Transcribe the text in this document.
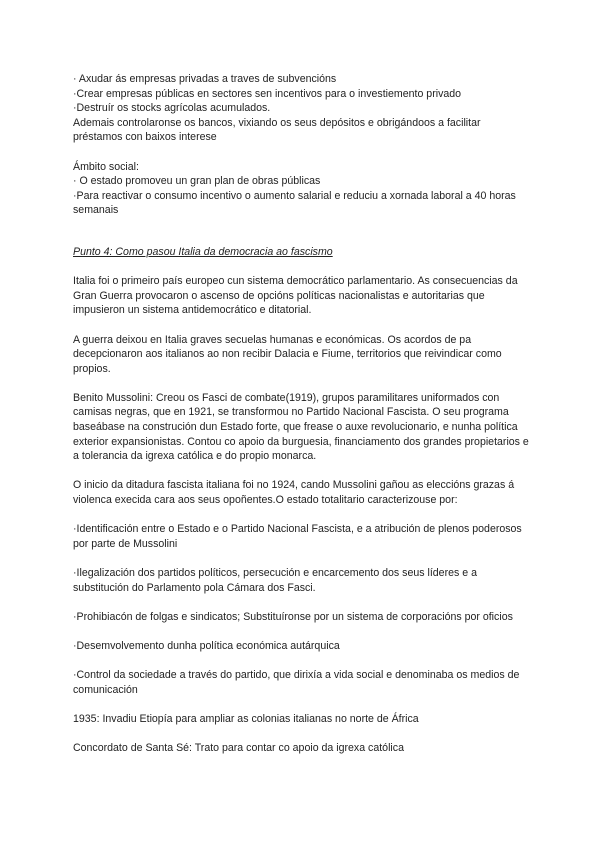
· Axudar ás empresas privadas a traves de subvencións

·Crear empresas públicas en sectores sen incentivos para o investiemento privado

·Destruír os stocks agrícolas acumulados.

Ademais controlaronse os bancos, vixiando os seus depósitos e obrigándoos a facilitar préstamos con baixos interese

Ámbito social:

· O estado promoveu un gran plan de obras públicas

·Para reactivar o consumo incentivo o aumento salarial e reduciu a xornada laboral a 40 horas semanais

Punto 4: Como pasou Italia da democracia ao fascismo

Italia foi o primeiro país europeo cun sistema democrático parlamentario. As consecuencias da Gran Guerra provocaron o ascenso de opcións políticas nacionalistas e autoritarias que impusieron un sistema antidemocrático e ditatorial.

A guerra deixou en Italia graves secuelas humanas e económicas. Os acordos de pa decepcionaron aos italianos ao non recibir Dalacia e Fiume, territorios que reivindicar como propios.

Benito Mussolini: Creou os Fasci de combate(1919), grupos paramilitares uniformados con camisas negras, que en 1921, se transformou no Partido Nacional Fascista. O seu programa baseábase na construción dun Estado forte, que frease o auxe revolucionario, e nunha política exterior expansionistas. Contou co apoio da burguesia, financiamento dos grandes propietarios e a tolerancia da igrexa católica e do propio monarca.

O inicio da ditadura fascista italiana foi no 1924, cando Mussolini gañou as eleccións grazas á violenca execida cara aos seus opoñentes.O estado totalitario caracterizouse por:

·Identificación entre o Estado e o Partido Nacional Fascista, e a atribución de plenos poderosos por parte de Mussolini

·Ilegalización dos partidos políticos, persecución e encarcemento dos seus líderes e a substitución do Parlamento pola Cámara dos Fasci.

·Prohibiacón de folgas e sindicatos; Substituíronse por un sistema de corporacións por oficios

·Desemvolvemento dunha política económica autárquica

·Control da sociedade a través do partido, que dirixía a vida social e denominaba os medios de comunicación

1935: Invadiu Etiopía para ampliar as colonias italianas no norte de África

Concordato de Santa Sé: Trato para contar co apoio da igrexa católica
